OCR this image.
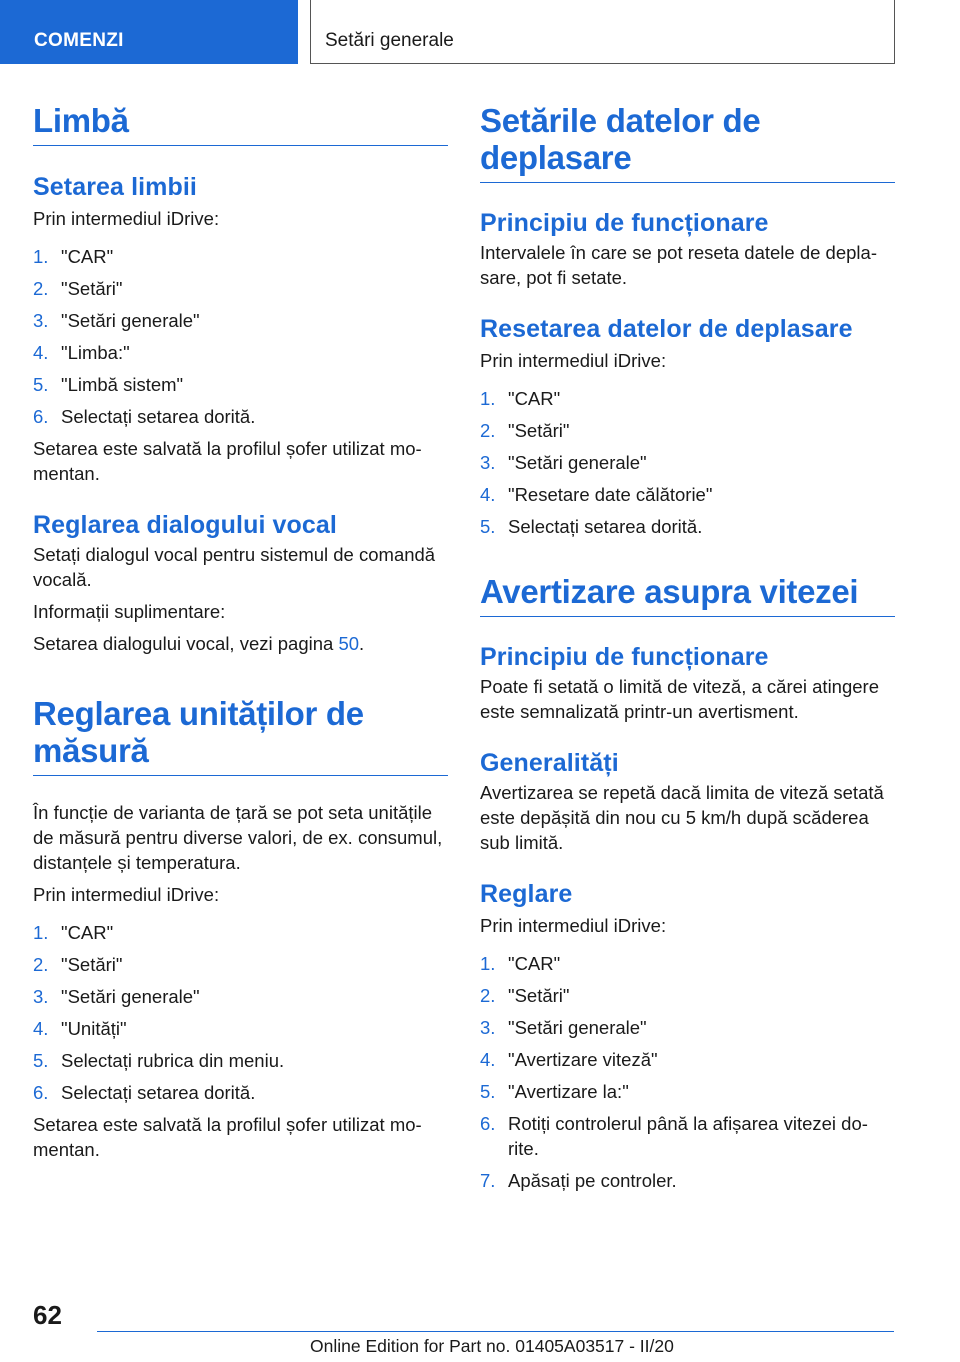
COMENZI	Setări generale
Limbă
Setarea limbii

Prin intermediul iDrive:

1. "CAR"
2. "Setări"
3. "Setări generale"
4. "Limba:"
5. "Limbă sistem"
6. Selectați setarea dorită.

Setarea este salvată la profilul șofer utilizat mo-mentan.

Reglarea dialogului vocal

Setați dialogul vocal pentru sistemul de comandă vocală.

Informații suplimentare:

Setarea dialogului vocal, vezi pagina 50.

Reglarea unităților de măsură

În funcție de varianta de țară se pot seta unitățile de măsură pentru diverse valori, de ex. consumul, distanțele și temperatura.

Prin intermediul iDrive:

1. "CAR"
2. "Setări"
3. "Setări generale"
4. "Unități"
5. Selectați rubrica din meniu.
6. Selectați setarea dorită.

Setarea este salvată la profilul șofer utilizat mo-mentan.

Setările datelor de deplasare
Principiu de funcționare

Intervalele în care se pot reseta datele de depla-sare, pot fi setate.

Resetarea datelor de deplasare

Prin intermediul iDrive:

1. "CAR"
2. "Setări"
3. "Setări generale"
4. "Resetare date călătorie"
5. Selectați setarea dorită.
Avertizare asupra vitezei
Principiu de funcționare

Poate fi setată o limită de viteză, a cărei atingere este semnalizată printr-un avertisment.

Generalități

Avertizarea se repetă dacă limita de viteză setată este depășită din nou cu 5 km/h după scăderea sub limită.

Reglare

Prin intermediul iDrive:

1. "CAR"
2. "Setări"
3. "Setări generale"
4. "Avertizare viteză"
5. "Avertizare la:"
6. Rotiți controlerul până la afișarea vitezei do-rite.
7. Apăsați pe controler.
62
Online Edition for Part no. 01405A03517 - II/20
